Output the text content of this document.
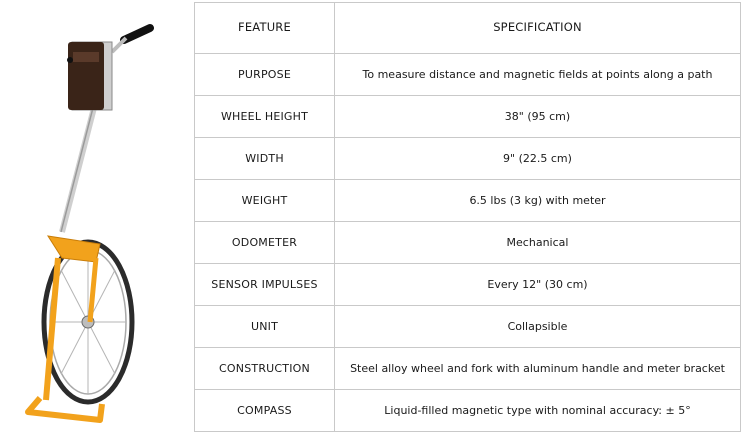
FEATURE	SPECIFICATION
PURPOSE	To measure distance and magnetic fields at points along a path
WHEEL HEIGHT	38" (95 cm)
WIDTH	9" (22.5 cm)
WEIGHT	6.5 lbs (3 kg) with meter
ODOMETER	Mechanical
SENSOR IMPULSES	Every 12" (30 cm)
UNIT	Collapsible
CONSTRUCTION	Steel alloy wheel and fork with aluminum handle and meter bracket
COMPASS	Liquid-filled magnetic type with nominal accuracy: ± 5°
